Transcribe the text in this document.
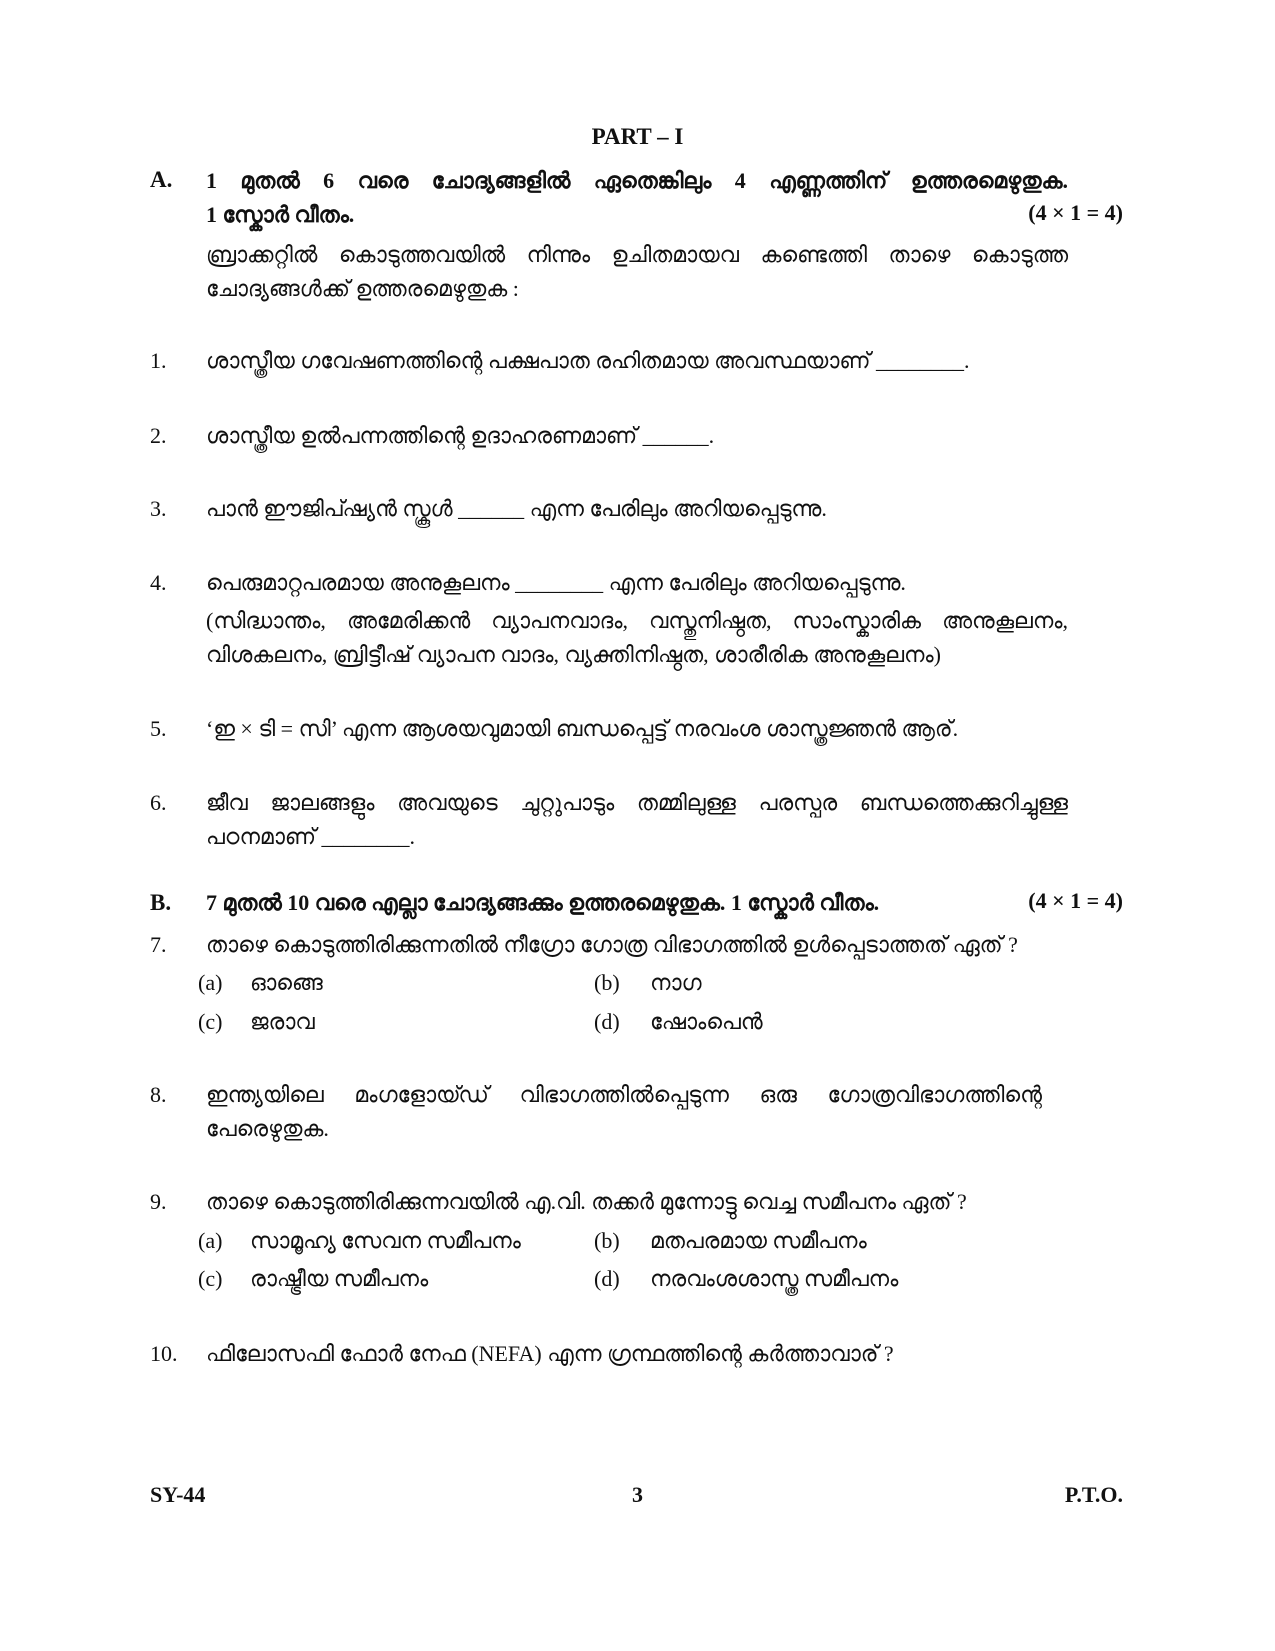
PART – I
A. 1 മുതൽ 6 വരെ ചോദ്യങ്ങളിൽ ഏതെങ്കിലും 4 എണ്ണത്തിന് ഉത്തരമെഴുതുക.
1 സ്കോർ വീതം.	(4 × 1 = 4)
ബ്രാക്കറ്റിൽ കൊടുത്തവയിൽ നിന്നും ഉചിതമായവ കണ്ടെത്തി താഴെ കൊടുത്ത
ചോദ്യങ്ങൾക്ക് ഉത്തരമെഴുതുക :
1. ശാസ്ത്രീയ ഗവേഷണത്തിന്റെ പക്ഷപാത രഹിതമായ അവസ്ഥയാണ് ________.
2. ശാസ്ത്രീയ ഉൽപന്നത്തിന്റെ ഉദാഹരണമാണ് ______.
3. പാൻ ഈജിപ്ഷ്യൻ സ്കൂൾ ______ എന്ന പേരിലും അറിയപ്പെടുന്നു.
4. പെരുമാറ്റപരമായ അനുകൂലനം ________ എന്ന പേരിലും അറിയപ്പെടുന്നു.
(സിദ്ധാന്തം, അമേരിക്കൻ വ്യാപനവാദം, വസ്തുനിഷ്ഠത, സാംസ്കാരിക അനുകൂലനം,
വിശകലനം, ബ്രിട്ടീഷ് വ്യാപന വാദം, വ്യക്തിനിഷ്ഠത, ശാരീരിക അനുകൂലനം)
5. ‘ഇ × ടി = സി’ എന്ന ആശയവുമായി ബന്ധപ്പെട്ട് നരവംശ ശാസ്ത്രജ്ഞൻ ആര്.
6. ജീവ ജാലങ്ങളും അവയുടെ ചുറ്റുപാടും തമ്മിലുള്ള പരസ്പര ബന്ധത്തെക്കുറിച്ചുള്ള
പഠനമാണ് ________.
B. 7 മുതൽ 10 വരെ എല്ലാ ചോദ്യങ്ങക്കും ഉത്തരമെഴുതുക. 1 സ്കോർ വീതം.	(4 × 1 = 4)
7. താഴെ കൊടുത്തിരിക്കുന്നതിൽ നീഗ്രോ ഗോത്ര വിഭാഗത്തിൽ ഉൾപ്പെടാത്തത് ഏത് ?
(a) ഓങ്ങെ	(b) നാഗ
(c) ജരാവ	(d) ഷോംപെൻ
8. ഇന്ത്യയിലെ മംഗളോയ്ഡ് വിഭാഗത്തിൽപ്പെടുന്ന ഒരു ഗോത്രവിഭാഗത്തിന്റെ
പേരെഴുതുക.
9. താഴെ കൊടുത്തിരിക്കുന്നവയിൽ എ.വി. തക്കർ മുന്നോട്ടു വെച്ച സമീപനം ഏത് ?
(a) സാമൂഹ്യ സേവന സമീപനം	(b) മതപരമായ സമീപനം
(c) രാഷ്ട്രീയ സമീപനം	(d) നരവംശശാസ്ത്ര സമീപനം
10. ഫിലോസഫി ഫോർ നേഫ (NEFA) എന്ന ഗ്രന്ഥത്തിന്റെ കർത്താവാര് ?
SY-44	3	P.T.O.
